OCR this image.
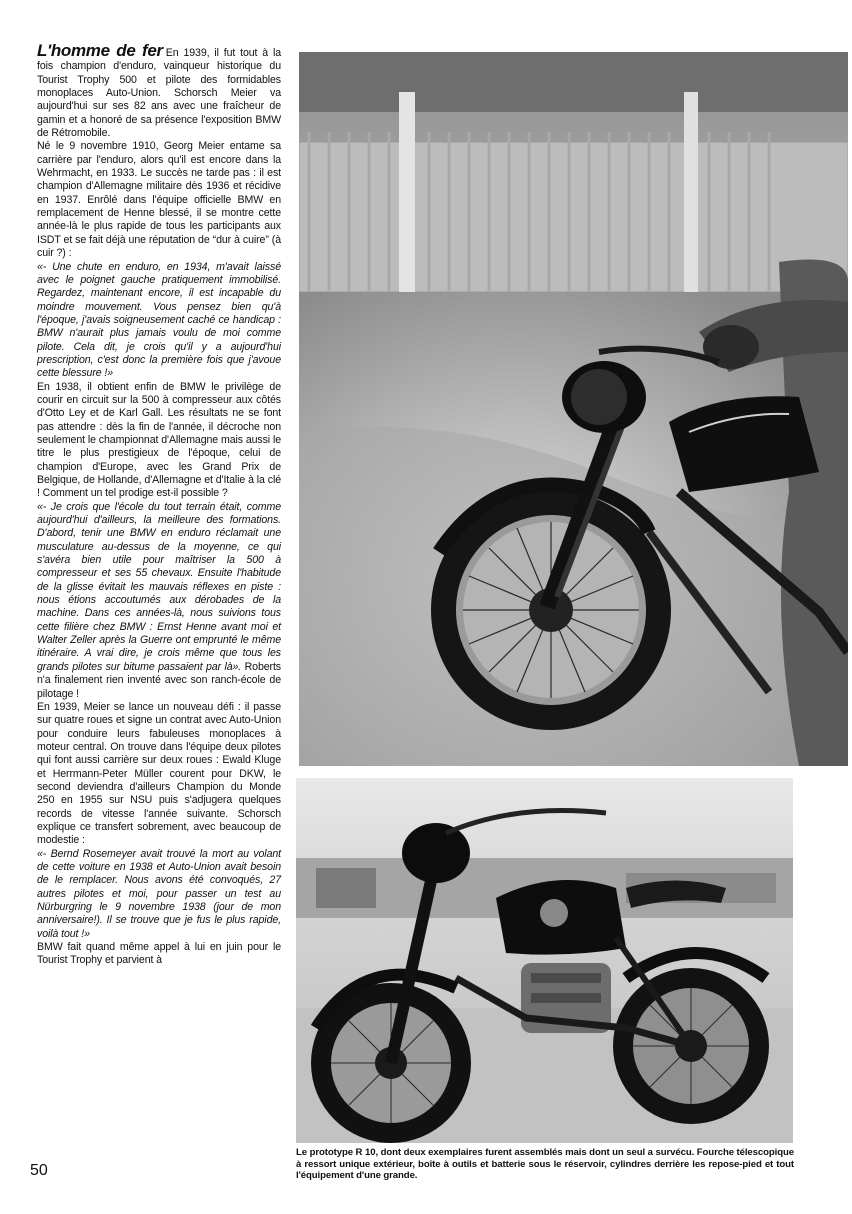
L'homme de fer En 1939, il fut tout à la fois champion d'enduro, vainqueur historique du Tourist Trophy 500 et pilote des formidables monoplaces Auto-Union. Schorsch Meier va aujourd'hui sur ses 82 ans avec une fraîcheur de gamin et a honoré de sa présence l'exposition BMW de Rétromobile.

Né le 9 novembre 1910, Georg Meier entame sa carrière par l'enduro, alors qu'il est encore dans la Wehrmacht, en 1933. Le succès ne tarde pas : il est champion d'Allemagne militaire dès 1936 et récidive en 1937. Enrôlé dans l'équipe officielle BMW en remplacement de Henne blessé, il se montre cette année-là le plus rapide de tous les participants aux ISDT et se fait déjà une réputation de “dur à cuire” (à cuir ?) :

«- Une chute en enduro, en 1934, m'avait laissé avec le poignet gauche pratiquement immobilisé. Regardez, maintenant encore, il est incapable du moindre mouvement. Vous pensez bien qu'à l'époque, j'avais soigneusement caché ce handicap : BMW n'aurait plus jamais voulu de moi comme pilote. Cela dit, je crois qu'il y a aujourd'hui prescription, c'est donc la première fois que j'avoue cette blessure !»

En 1938, il obtient enfin de BMW le privilège de courir en circuit sur la 500 à compresseur aux côtés d'Otto Ley et de Karl Gall. Les résultats ne se font pas attendre : dès la fin de l'année, il décroche non seulement le championnat d'Allemagne mais aussi le titre le plus prestigieux de l'époque, celui de champion d'Europe, avec les Grand Prix de Belgique, de Hollande, d'Allemagne et d'Italie à la clé ! Comment un tel prodige est-il possible ?

«- Je crois que l'école du tout terrain était, comme aujourd'hui d'ailleurs, la meilleure des formations. D'abord, tenir une BMW en enduro réclamait une musculature au-dessus de la moyenne, ce qui s'avéra bien utile pour maîtriser la 500 à compresseur et ses 55 chevaux. Ensuite l'habitude de la glisse évitait les mauvais réflexes en piste : nous étions accoutumés aux dérobades de la machine. Dans ces années-là, nous suivions tous cette filière chez BMW : Ernst Henne avant moi et Walter Zeller après la Guerre ont emprunté le même itinéraire. A vrai dire, je crois même que tous les grands pilotes sur bitume passaient par là». Roberts n'a finalement rien inventé avec son ranch-école de pilotage !

En 1939, Meier se lance un nouveau défi : il passe sur quatre roues et signe un contrat avec Auto-Union pour conduire leurs fabuleuses monoplaces à moteur central. On trouve dans l'équipe deux pilotes qui font aussi carrière sur deux roues : Ewald Kluge et Herrmann-Peter Müller courent pour DKW, le second deviendra d'ailleurs Champion du Monde 250 en 1955 sur NSU puis s'adjugera quelques records de vitesse l'année suivante. Schorsch explique ce transfert sobrement, avec beaucoup de modestie :

«- Bernd Rosemeyer avait trouvé la mort au volant de cette voiture en 1938 et Auto-Union avait besoin de le remplacer. Nous avons été convoqués, 27 autres pilotes et moi, pour passer un test au Nürburgring le 9 novembre 1938 (jour de mon anniversaire!). Il se trouve que je fus le plus rapide, voilà tout !»

BMW fait quand même appel à lui en juin pour le Tourist Trophy et parvient à

Le prototype R 10, dont deux exemplaires furent assemblés mais dont un seul a survécu. Fourche télescopique à ressort unique extérieur, boîte à outils et batterie sous le réservoir, cylindres derrière les repose-pied et tout l'équipement d'une grande.
50
